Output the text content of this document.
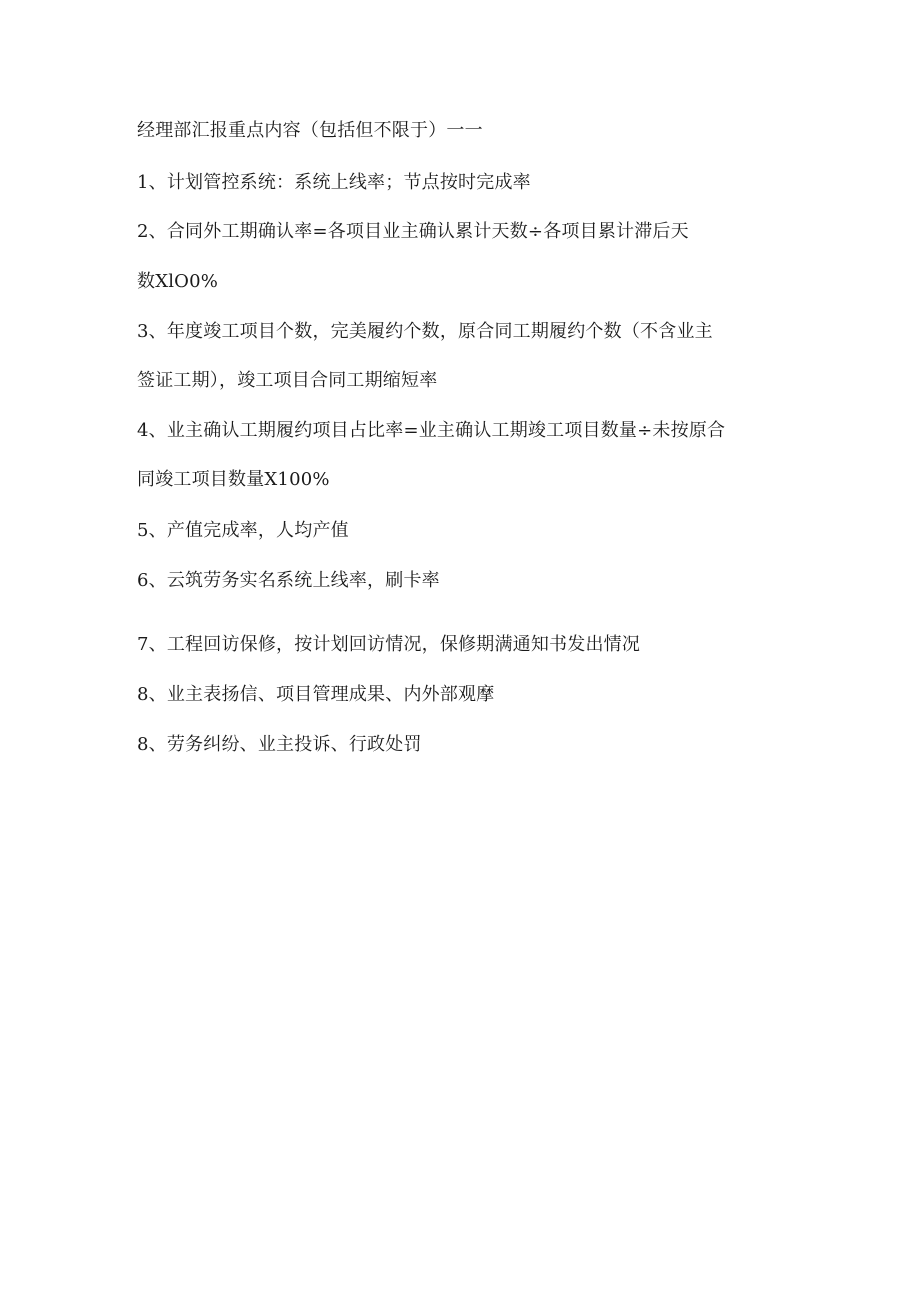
经理部汇报重点内容（包括但不限于）一一
1、计划管控系统：系统上线率；节点按时完成率
2、合同外工期确认率=各项目业主确认累计天数÷各项目累计滞后天
数XlO0%
3、年度竣工项目个数，完美履约个数，原合同工期履约个数（不含业主
签证工期），竣工项目合同工期缩短率
4、业主确认工期履约项目占比率=业主确认工期竣工项目数量÷未按原合
同竣工项目数量X100%
5、产值完成率，人均产值
6、云筑劳务实名系统上线率，刷卡率
7、工程回访保修，按计划回访情况，保修期满通知书发出情况
8、业主表扬信、项目管理成果、内外部观摩
8、劳务纠纷、业主投诉、行政处罚
